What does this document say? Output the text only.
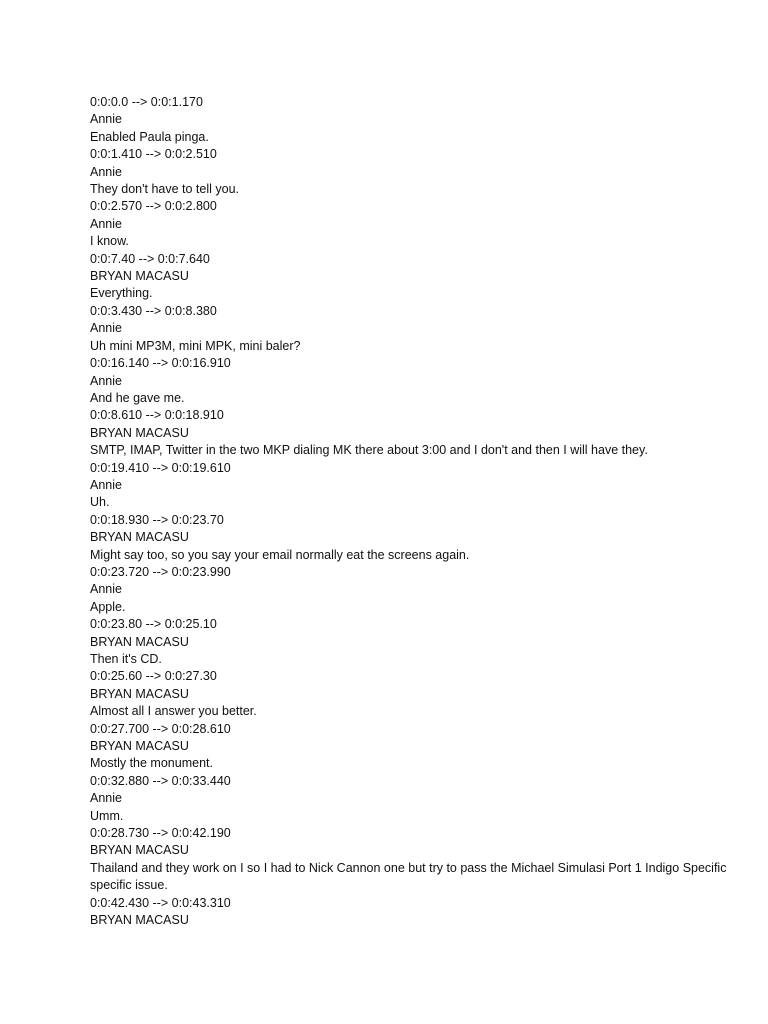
0:0:0.0 --> 0:0:1.170
Annie
Enabled Paula pinga.
0:0:1.410 --> 0:0:2.510
Annie
They don't have to tell you.
0:0:2.570 --> 0:0:2.800
Annie
I know.
0:0:7.40 --> 0:0:7.640
BRYAN MACASU
Everything.
0:0:3.430 --> 0:0:8.380
Annie
Uh mini MP3M, mini MPK, mini baler?
0:0:16.140 --> 0:0:16.910
Annie
And he gave me.
0:0:8.610 --> 0:0:18.910
BRYAN MACASU
SMTP, IMAP, Twitter in the two MKP dialing MK there about 3:00 and I don't and then I will have they.
0:0:19.410 --> 0:0:19.610
Annie
Uh.
0:0:18.930 --> 0:0:23.70
BRYAN MACASU
Might say too, so you say your email normally eat the screens again.
0:0:23.720 --> 0:0:23.990
Annie
Apple.
0:0:23.80 --> 0:0:25.10
BRYAN MACASU
Then it's CD.
0:0:25.60 --> 0:0:27.30
BRYAN MACASU
Almost all I answer you better.
0:0:27.700 --> 0:0:28.610
BRYAN MACASU
Mostly the monument.
0:0:32.880 --> 0:0:33.440
Annie
Umm.
0:0:28.730 --> 0:0:42.190
BRYAN MACASU
Thailand and they work on I so I had to Nick Cannon one but try to pass the Michael Simulasi Port 1 Indigo Specific specific issue.
0:0:42.430 --> 0:0:43.310
BRYAN MACASU
